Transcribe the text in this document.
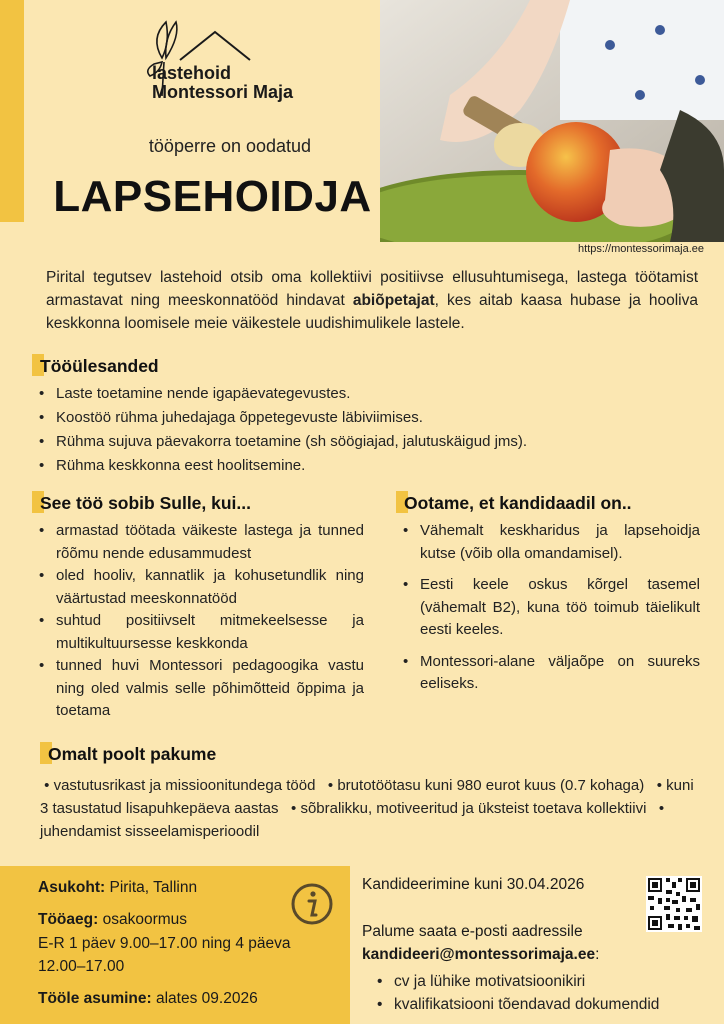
lastehoid
Montessori Maja
tööperre on oodatud
LAPSEHOIDJA
https://montessorimaja.ee
Pirital tegutsev lastehoid otsib oma kollektiivi positiivse ellusuhtumisega, lastega töötamist armastavat ning meeskonnatööd hindavat abiõpetajat, kes aitab kaasa hubase ja hooliva keskkonna loomisele meie väikestele uudishimulikele lastele.
Tööülesanded
• Laste toetamine nende igapäevategevustes.
• Koostöö rühma juhedajaga õppetegevuste läbiviimises.
• Rühma sujuva päevakorra toetamine (sh söögiajad, jalutuskäigud jms).
• Rühma keskkonna eest hoolitsemine.
See töö sobib Sulle, kui...
• armastad töötada väikeste lastega ja tunned rõõmu nende edusammudest
• oled hooliv, kannatlik ja kohusetundlik ning väärtustad meeskonnatööd
• suhtud positiivselt mitmekeelsesse ja multikultuursesse keskkonda
• tunned huvi Montessori pedagoogika vastu ning oled valmis selle põhimõtteid õppima ja toetama
Ootame, et kandidaadil on..
• Vähemalt keskharidus ja lapsehoidja kutse (võib olla omandamisel).
• Eesti keele oskus kõrgel tasemel (vähemalt B2), kuna töö toimub täielikult eesti keeles.
• Montessori-alane väljaõpe on suureks eeliseks.
Omalt poolt pakume
• vastutusrikast ja missioonitundega tööd   • brutotöötasu kuni 980 eurot kuus (0.7 kohaga)   • kuni 3 tasustatud lisapuhkepäeva aastas   • sõbralikku, motiveeritud ja üksteist toetava kollektiivi   • juhendamist sisseelamisperioodil
Asukoht: Pirita, Tallinn
Tööaeg: osakoormus
E-R 1 päev 9.00–17.00 ning 4 päeva
12.00–17.00
Tööle asumine: alates 09.2026
Kandideerimine kuni 30.04.2026
Palume saata e-posti aadressile
kandideeri@montessorimaja.ee:
• cv ja lühike motivatsioonikiri
• kvalifikatsiooni tõendavad dokumendid
